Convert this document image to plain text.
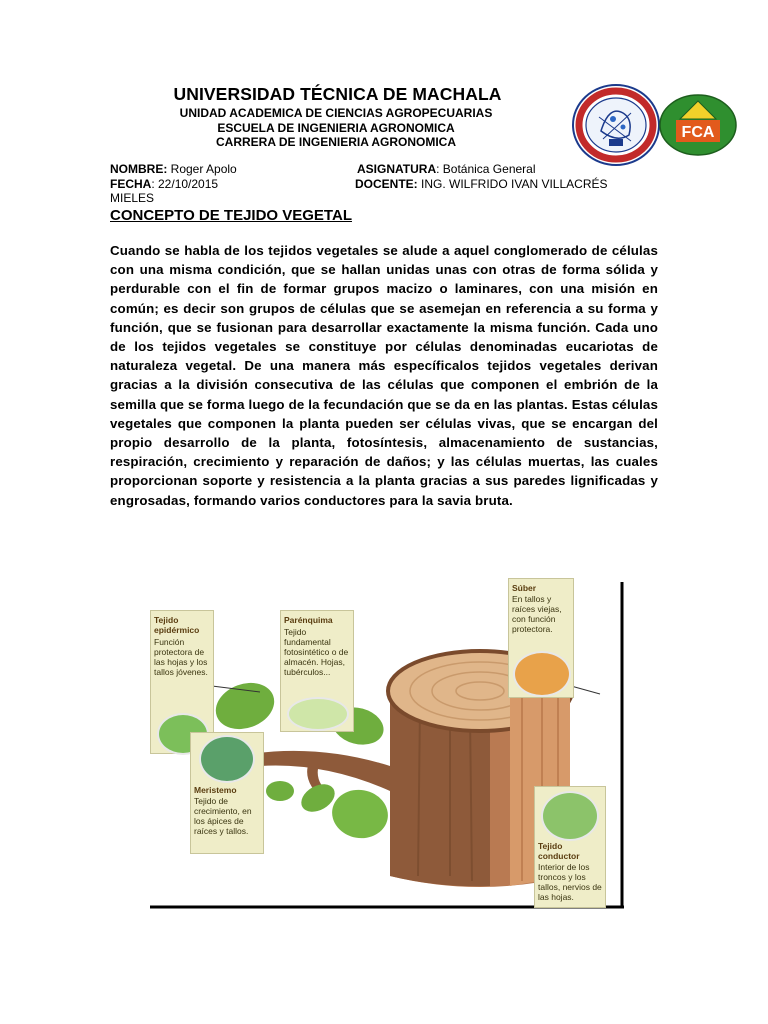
UNIVERSIDAD TÉCNICA DE MACHALA
UNIDAD ACADEMICA DE CIENCIAS AGROPECUARIAS
ESCUELA DE INGENIERIA AGRONOMICA
CARRERA DE INGENIERIA AGRONOMICA
FCA
NOMBRE: Roger Apolo	ASIGNATURA: Botánica General
FECHA: 22/10/2015	DOCENTE: ING. WILFRIDO IVAN VILLACRÉS
MIELES
CONCEPTO DE TEJIDO VEGETAL
Cuando se habla de los tejidos vegetales se alude a aquel conglomerado de células con una misma condición, que se hallan unidas unas con otras de forma sólida y perdurable con el fin de formar grupos macizo o laminares, con una misión en común; es decir son grupos de células que se asemejan en referencia a su forma y función, que se fusionan para desarrollar exactamente la misma función. Cada uno de los tejidos vegetales se constituye por células denominadas eucariotas de naturaleza vegetal. De una manera más específicalos tejidos vegetales derivan gracias a la división consecutiva de las células que componen el embrión de la semilla que se forma luego de la fecundación que se da en las plantas. Estas células vegetales que componen la planta pueden ser células vivas, que se encargan del propio desarrollo de la planta, fotosíntesis, almacenamiento de sustancias, respiración, crecimiento y reparación de daños; y las células muertas, las cuales proporcionan soporte y resistencia a la planta gracias a sus paredes lignificadas y engrosadas, formando varios conductores para la savia bruta.
Tejido epidérmico
Función protectora de las hojas y los tallos jóvenes.
Parénquima
Tejido fundamental fotosintético o de almacén. Hojas, tubérculos...
Súber
En tallos y raíces viejas, con función protectora.
Meristemo
Tejido de crecimiento, en los ápices de raíces y tallos.
Tejido conductor
Interior de los troncos y los tallos, nervios de las hojas.
